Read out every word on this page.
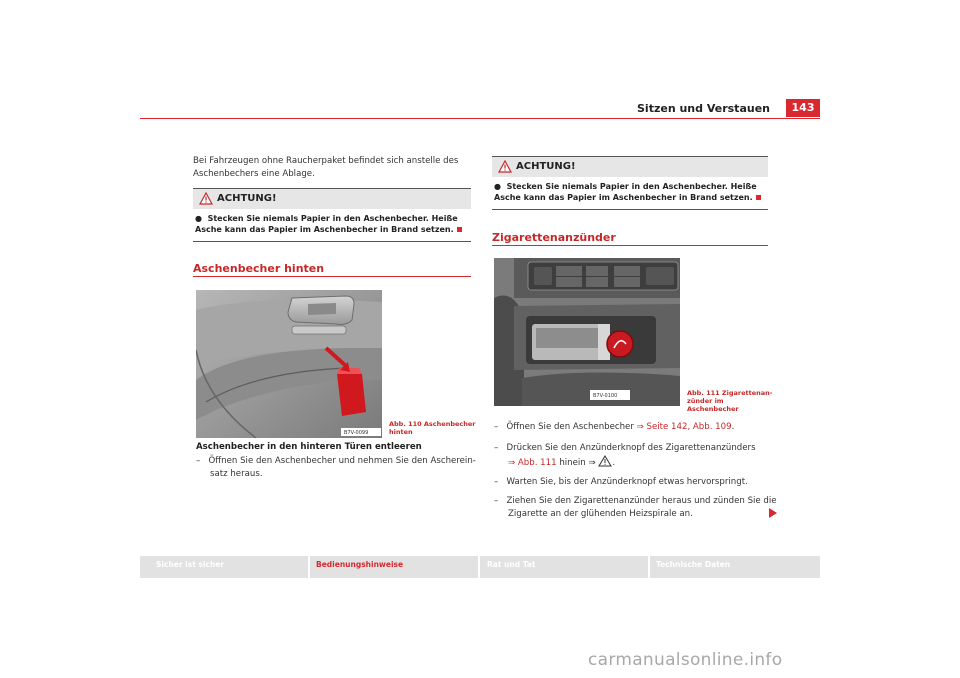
Sitzen und Verstauen	143
Bei Fahrzeugen ohne Raucherpaket befindet sich anstelle des Aschenbechers eine Ablage.
ACHTUNG!
● Stecken Sie niemals Papier in den Aschenbecher. Heiße Asche kann das Papier im Aschenbecher in Brand setzen.
Aschenbecher hinten
B7V-0099
Abb. 110 Aschenbecher
hinten
Aschenbecher in den hinteren Türen entleeren
– Öffnen Sie den Aschenbecher und nehmen Sie den Ascherein-
satz heraus.
ACHTUNG!
● Stecken Sie niemals Papier in den Aschenbecher. Heiße Asche kann das Papier im Aschenbecher in Brand setzen.
Zigarettenanzünder
B7V-0100	Abb. 111 Zigarettenan-
zünder im Aschenbecher
– Öffnen Sie den Aschenbecher ⇒ Seite 142, Abb. 109.
– Drücken Sie den Anzünderknopf des Zigarettenanzünders
⇒ Abb. 111 hinein ⇒ .
– Warten Sie, bis der Anzünderknopf etwas hervorspringt.
– Ziehen Sie den Zigarettenanzünder heraus und zünden Sie die
Zigarette an der glühenden Heizspirale an.
Sicher ist sicher	Bedienungshinweise	Rat und Tat	Technische Daten
carmanualsonline.info
